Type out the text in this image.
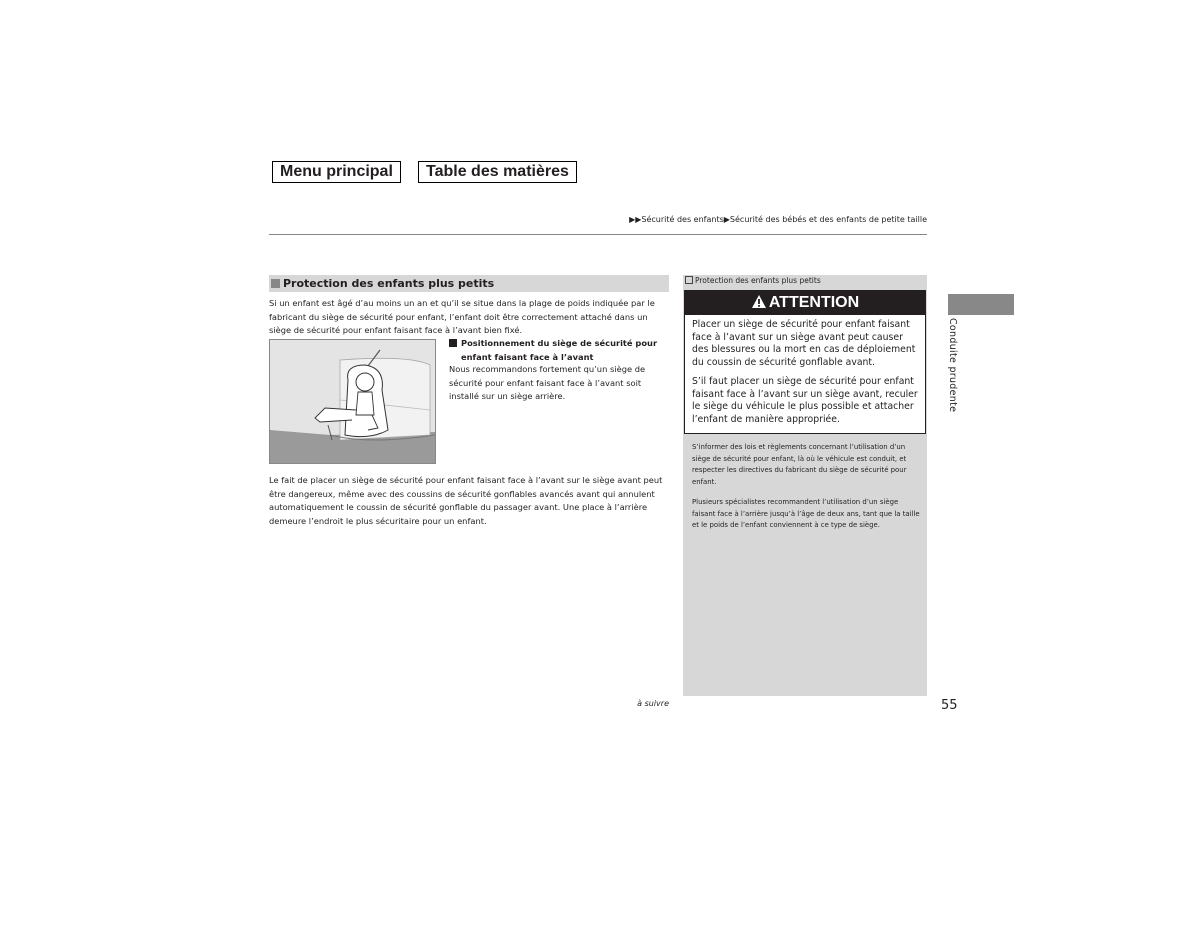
Menu principal	Table des matières
▶▶Sécurité des enfants▶Sécurité des bébés et des enfants de petite taille
Protection des enfants plus petits
Si un enfant est âgé d’au moins un an et qu’il se situe dans la plage de poids indiquée par le fabricant du siège de sécurité pour enfant, l’enfant doit être correctement attaché dans un siège de sécurité pour enfant faisant face à l’avant bien fixé.
Positionnement du siège de sécurité pour enfant faisant face à l’avant
Nous recommandons fortement qu’un siège de sécurité pour enfant faisant face à l’avant soit installé sur un siège arrière.
Le fait de placer un siège de sécurité pour enfant faisant face à l’avant sur le siège avant peut être dangereux, même avec des coussins de sécurité gonflables avancés avant qui annulent automatiquement le coussin de sécurité gonflable du passager avant. Une place à l’arrière demeure l’endroit le plus sécuritaire pour un enfant.
Protection des enfants plus petits
ATTENTION

Placer un siège de sécurité pour enfant faisant face à l’avant sur un siège avant peut causer des blessures ou la mort en cas de déploiement du coussin de sécurité gonflable avant.

S’il faut placer un siège de sécurité pour enfant faisant face à l’avant sur un siège avant, reculer le siège du véhicule le plus possible et attacher l’enfant de manière appropriée.

S’informer des lois et règlements concernant l’utilisation d’un siège de sécurité pour enfant, là où le véhicule est conduit, et respecter les directives du fabricant du siège de sécurité pour enfant.
Plusieurs spécialistes recommandent l’utilisation d’un siège faisant face à l’arrière jusqu’à l’âge de deux ans, tant que la taille et le poids de l’enfant conviennent à ce type de siège.
Conduite prudente
à suivre	55
